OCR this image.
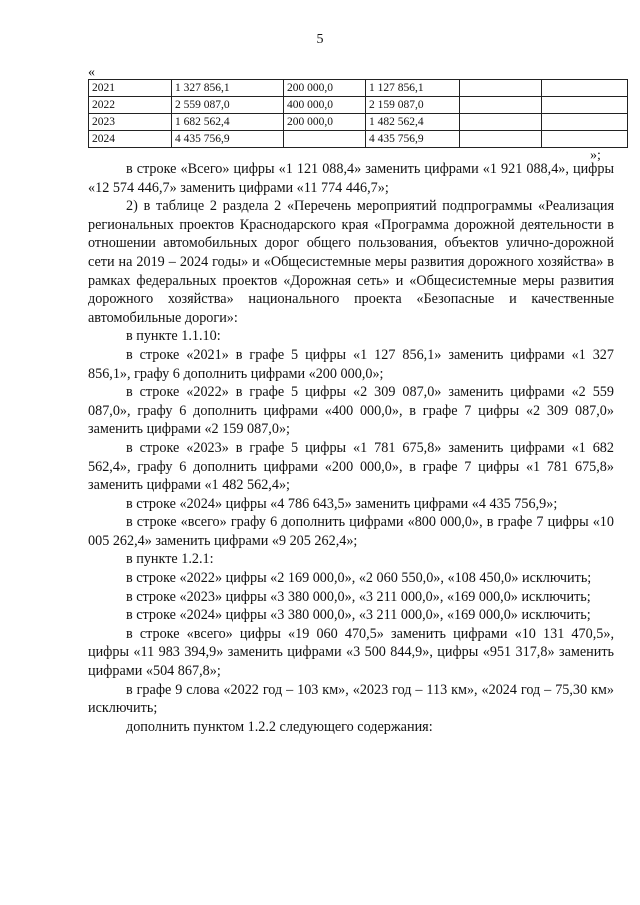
5
«
2021	1 327 856,1	200 000,0	1 127 856,1		
2022	2 559 087,0	400 000,0	2 159 087,0		
2023	1 682 562,4	200 000,0	1 482 562,4		
2024	4 435 756,9		4 435 756,9		
»;

в строке «Всего» цифры «1 121 088,4» заменить цифрами «1 921 088,4», цифры «12 574 446,7» заменить цифрами «11 774 446,7»;

2) в таблице 2 раздела 2 «Перечень мероприятий подпрограммы «Реализация региональных проектов Краснодарского края «Программа дорожной деятельности в отношении автомобильных дорог общего пользования, объектов улично-дорожной сети на 2019 – 2024 годы» и «Общесистемные меры развития дорожного хозяйства» в рамках федеральных проектов «Дорожная сеть» и «Общесистемные меры развития дорожного хозяйства» национального проекта «Безопасные и качественные автомобильные дороги»:

в пункте 1.1.10:

в строке «2021» в графе 5 цифры «1 127 856,1» заменить цифрами «1 327 856,1», графу 6 дополнить цифрами «200 000,0»;

в строке «2022» в графе 5 цифры «2 309 087,0» заменить цифрами «2 559 087,0», графу 6 дополнить цифрами «400 000,0», в графе 7 цифры «2 309 087,0» заменить цифрами «2 159 087,0»;

в строке «2023» в графе 5 цифры «1 781 675,8» заменить цифрами «1 682 562,4», графу 6 дополнить цифрами «200 000,0», в графе 7 цифры «1 781 675,8» заменить цифрами «1 482 562,4»;

в строке «2024» цифры «4 786 643,5» заменить цифрами «4 435 756,9»;

в строке «всего» графу 6 дополнить цифрами «800 000,0», в графе 7 цифры «10 005 262,4» заменить цифрами «9 205 262,4»;

в пункте 1.2.1:

в строке «2022» цифры «2 169 000,0», «2 060 550,0», «108 450,0» исключить;

в строке «2023» цифры «3 380 000,0», «3 211 000,0», «169 000,0» исключить;

в строке «2024» цифры «3 380 000,0», «3 211 000,0», «169 000,0» исключить;

в строке «всего» цифры «19 060 470,5» заменить цифрами «10 131 470,5», цифры «11 983 394,9» заменить цифрами «3 500 844,9», цифры «951 317,8» заменить цифрами «504 867,8»;

в графе 9 слова «2022 год – 103 км», «2023 год – 113 км», «2024 год – 75,30 км» исключить;

дополнить пунктом 1.2.2 следующего содержания:
